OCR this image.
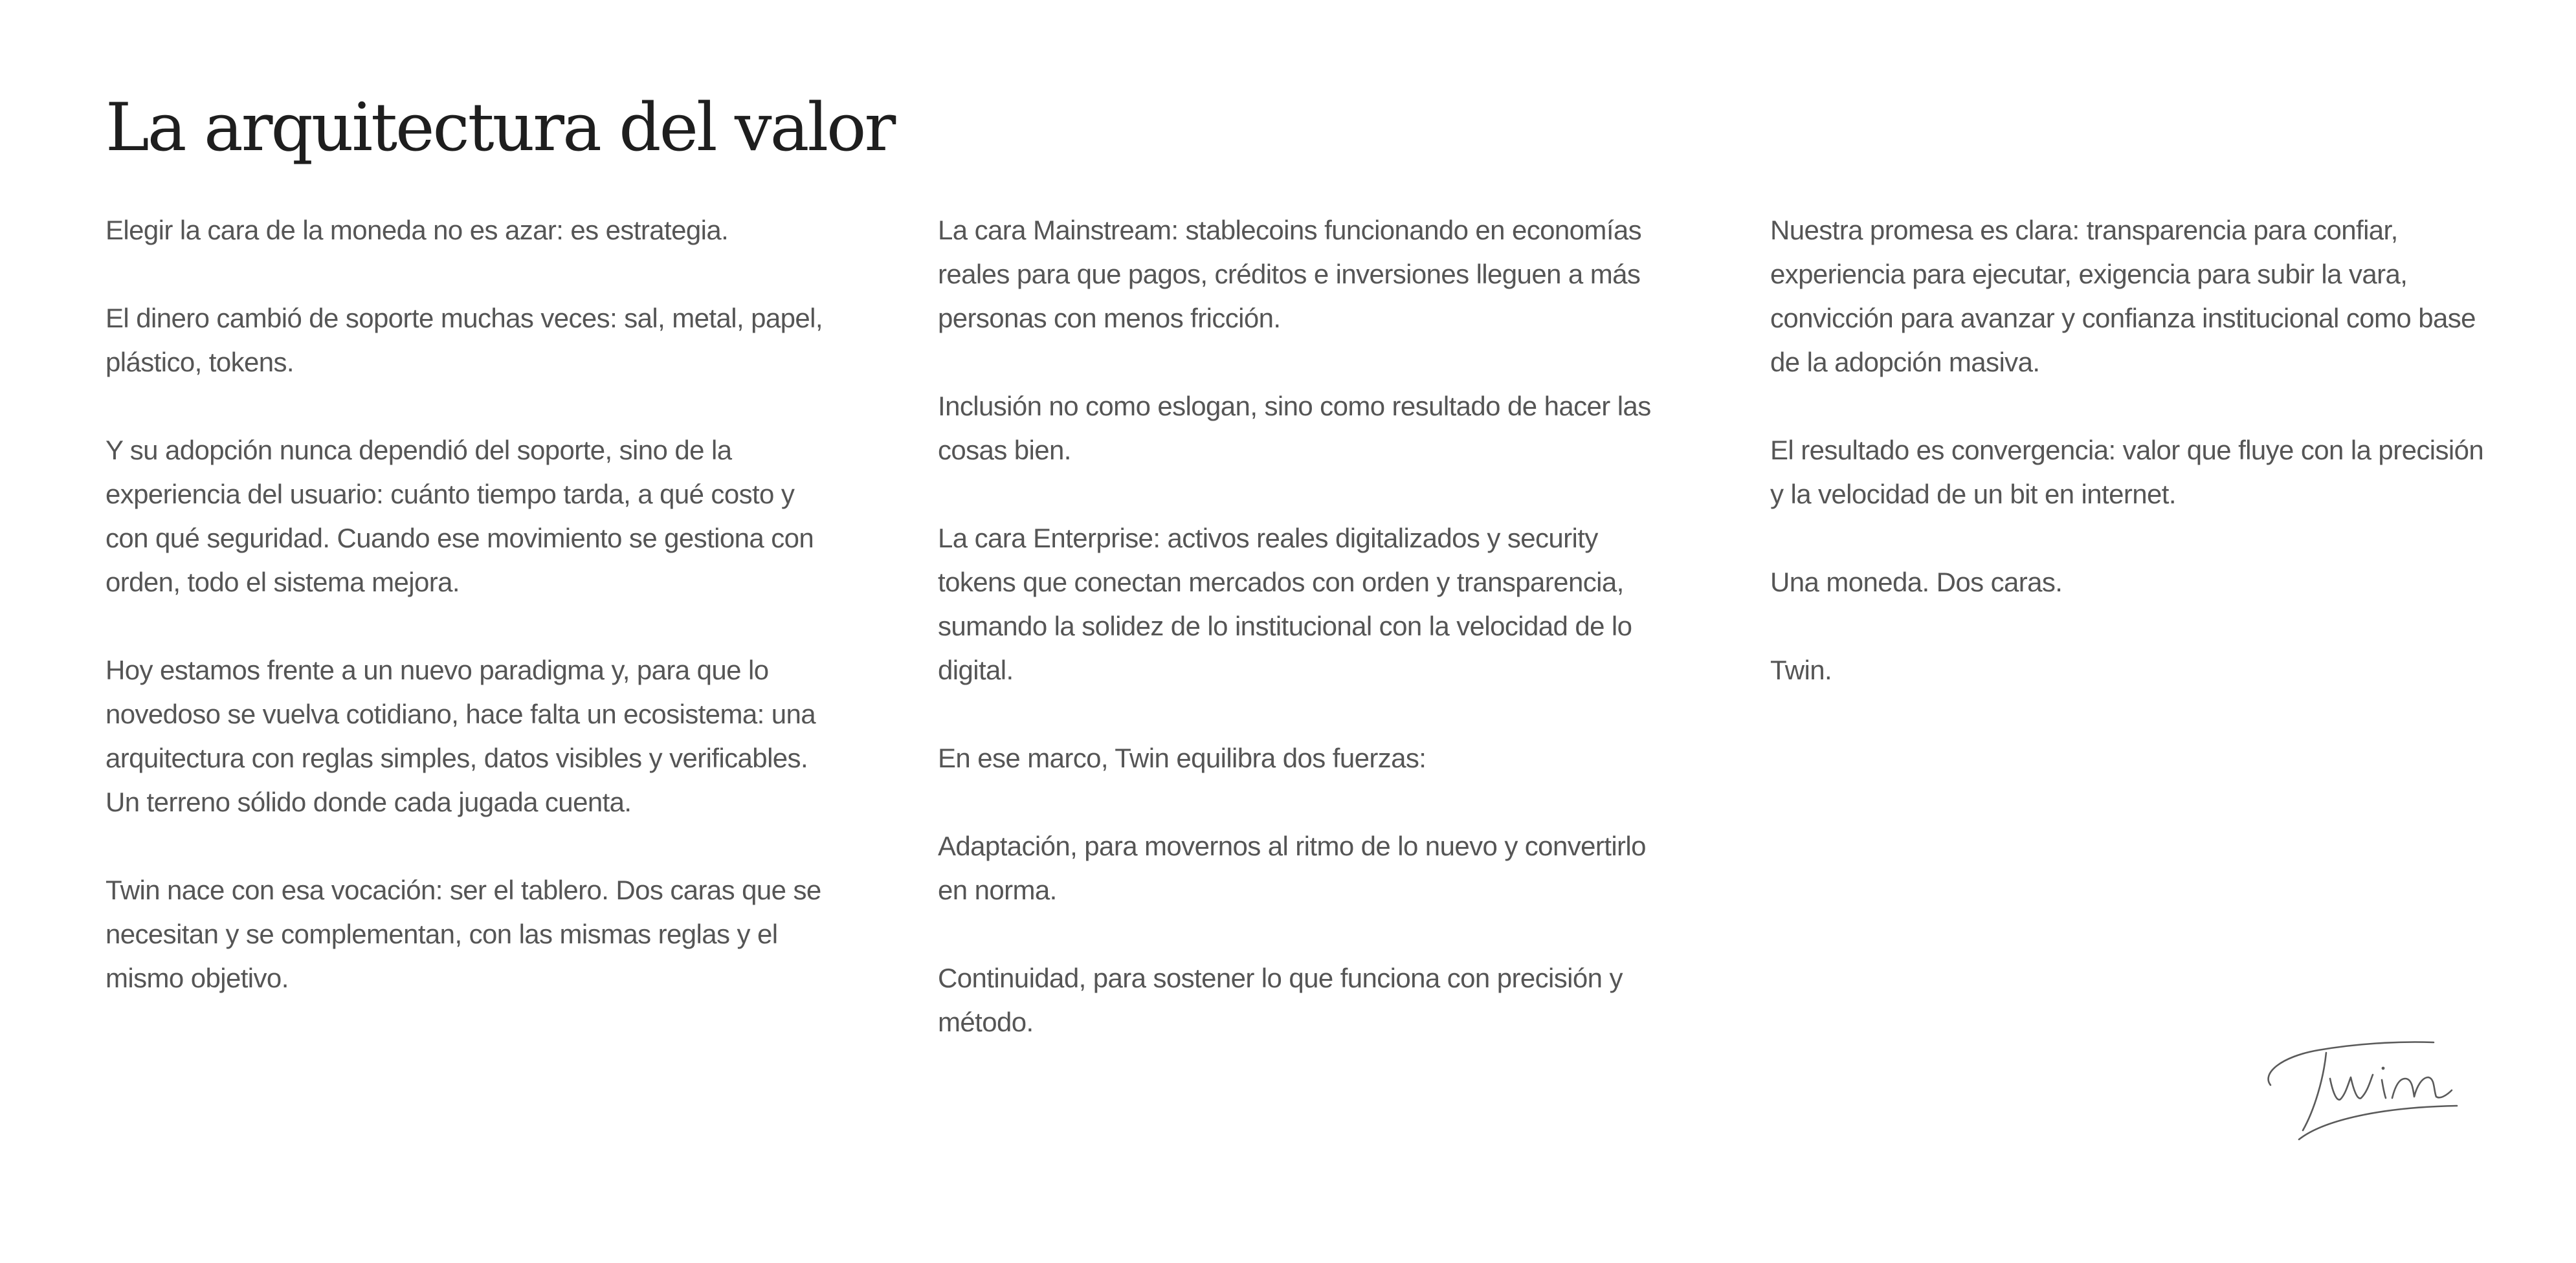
La arquitectura del valor

Elegir la cara de la moneda no es azar: es estrategia.

El dinero cambió de soporte muchas veces: sal, metal, papel, plástico, tokens.

Y su adopción nunca dependió del soporte, sino de la experiencia del usuario: cuánto tiempo tarda, a qué costo y con qué seguridad. Cuando ese movimiento se gestiona con orden, todo el sistema mejora.

Hoy estamos frente a un nuevo paradigma y, para que lo novedoso se vuelva cotidiano, hace falta un ecosistema: una arquitectura con reglas simples, datos visibles y verificables. Un terreno sólido donde cada jugada cuenta.

Twin nace con esa vocación: ser el tablero. Dos caras que se necesitan y se complementan, con las mismas reglas y el mismo objetivo.

La cara Mainstream: stablecoins funcionando en economías reales para que pagos, créditos e inversiones lleguen a más personas con menos fricción.

Inclusión no como eslogan, sino como resultado de hacer las cosas bien.

La cara Enterprise: activos reales digitalizados y security tokens que conectan mercados con orden y transparencia, sumando la solidez de lo institucional con la velocidad de lo digital.

En ese marco, Twin equilibra dos fuerzas:

Adaptación, para movernos al ritmo de lo nuevo y convertirlo en norma.

Continuidad, para sostener lo que funciona con precisión y método.

Nuestra promesa es clara: transparencia para confiar, experiencia para ejecutar, exigencia para subir la vara, convicción para avanzar y confianza institucional como base de la adopción masiva.

El resultado es convergencia: valor que fluye con la precisión y la velocidad de un bit en internet.

Una moneda. Dos caras.

Twin.
